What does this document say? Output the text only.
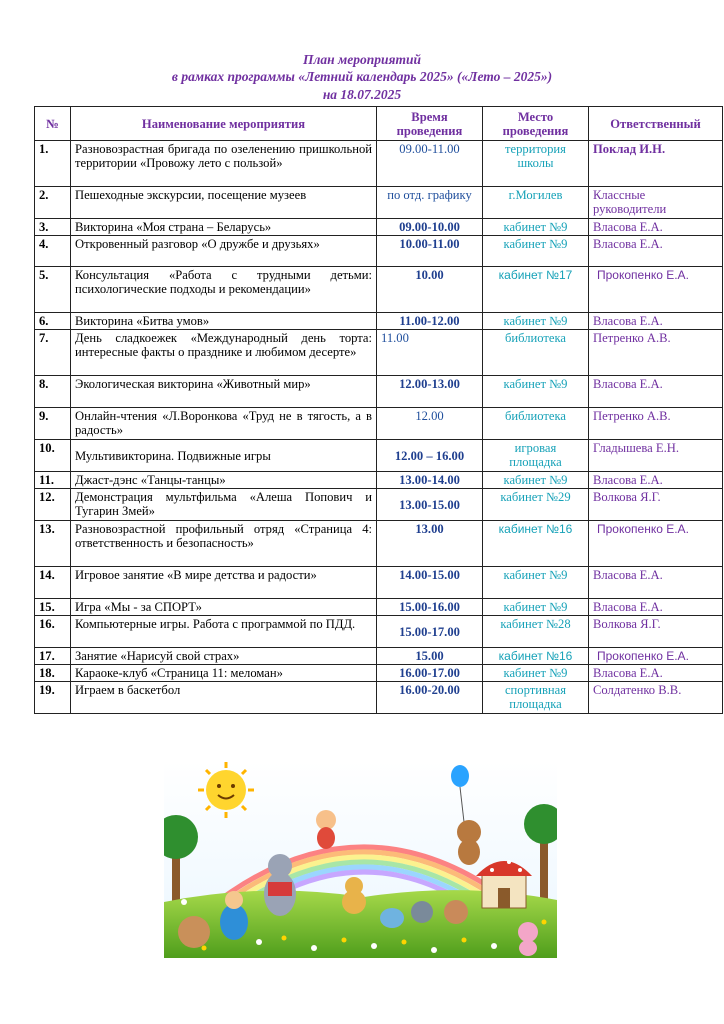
План мероприятий
в рамках программы «Летний календарь 2025» («Лето – 2025»)
на 18.07.2025
№	Наименование мероприятия	Время проведения	Место проведения	Ответственный
1.	Разновозрастная бригада по озеленению пришкольной территории «Провожу лето с пользой»	09.00-11.00	территория школы	Поклад И.Н.
2.	Пешеходные экскурсии, посещение музеев	по отд. графику	г.Могилев	Классные руководители
3.	Викторина «Моя страна – Беларусь»	09.00-10.00	кабинет №9	Власова Е.А.
4.	Откровенный разговор «О дружбе и друзьях»	10.00-11.00	кабинет №9	Власова Е.А.
5.	Консультация «Работа с трудными детьми: психологические подходы и рекомендации»	10.00	кабинет №17	Прокопенко Е.А.
6.	Викторина «Битва умов»	11.00-12.00	кабинет №9	Власова Е.А.
7.	День сладкоежек «Международный день торта: интересные факты о празднике и любимом десерте»	11.00	библиотека	Петренко А.В.
8.	Экологическая викторина «Животный мир»	12.00-13.00	кабинет №9	Власова Е.А.
9.	Онлайн-чтения «Л.Воронкова «Труд не в тягость, а в радость»	12.00	библиотека	Петренко А.В.
10.	Мультивикторина. Подвижные игры	12.00 – 16.00	игровая площадка	Гладышева Е.Н.
11.	Джаст-дэнс «Танцы-танцы»	13.00-14.00	кабинет №9	Власова Е.А.
12.	Демонстрация мультфильма «Алеша Попович и Тугарин Змей»	13.00-15.00	кабинет №29	Волкова Я.Г.
13.	Разновозрастной профильный отряд «Страница 4: ответственность и безопасность»	13.00	кабинет №16	Прокопенко Е.А.
14.	Игровое занятие «В мире детства и радости»	14.00-15.00	кабинет №9	Власова Е.А.
15.	Игра «Мы - за СПОРТ»	15.00-16.00	кабинет №9	Власова Е.А.
16.	Компьютерные игры. Работа с программой по ПДД.	15.00-17.00	кабинет №28	Волкова Я.Г.
17.	Занятие «Нарисуй свой страх»	15.00	кабинет №16	Прокопенко Е.А.
18.	Караоке-клуб «Страница 11: меломан»	16.00-17.00	кабинет №9	Власова Е.А.
19.	Играем в баскетбол	16.00-20.00	спортивная площадка	Солдатенко В.В.
